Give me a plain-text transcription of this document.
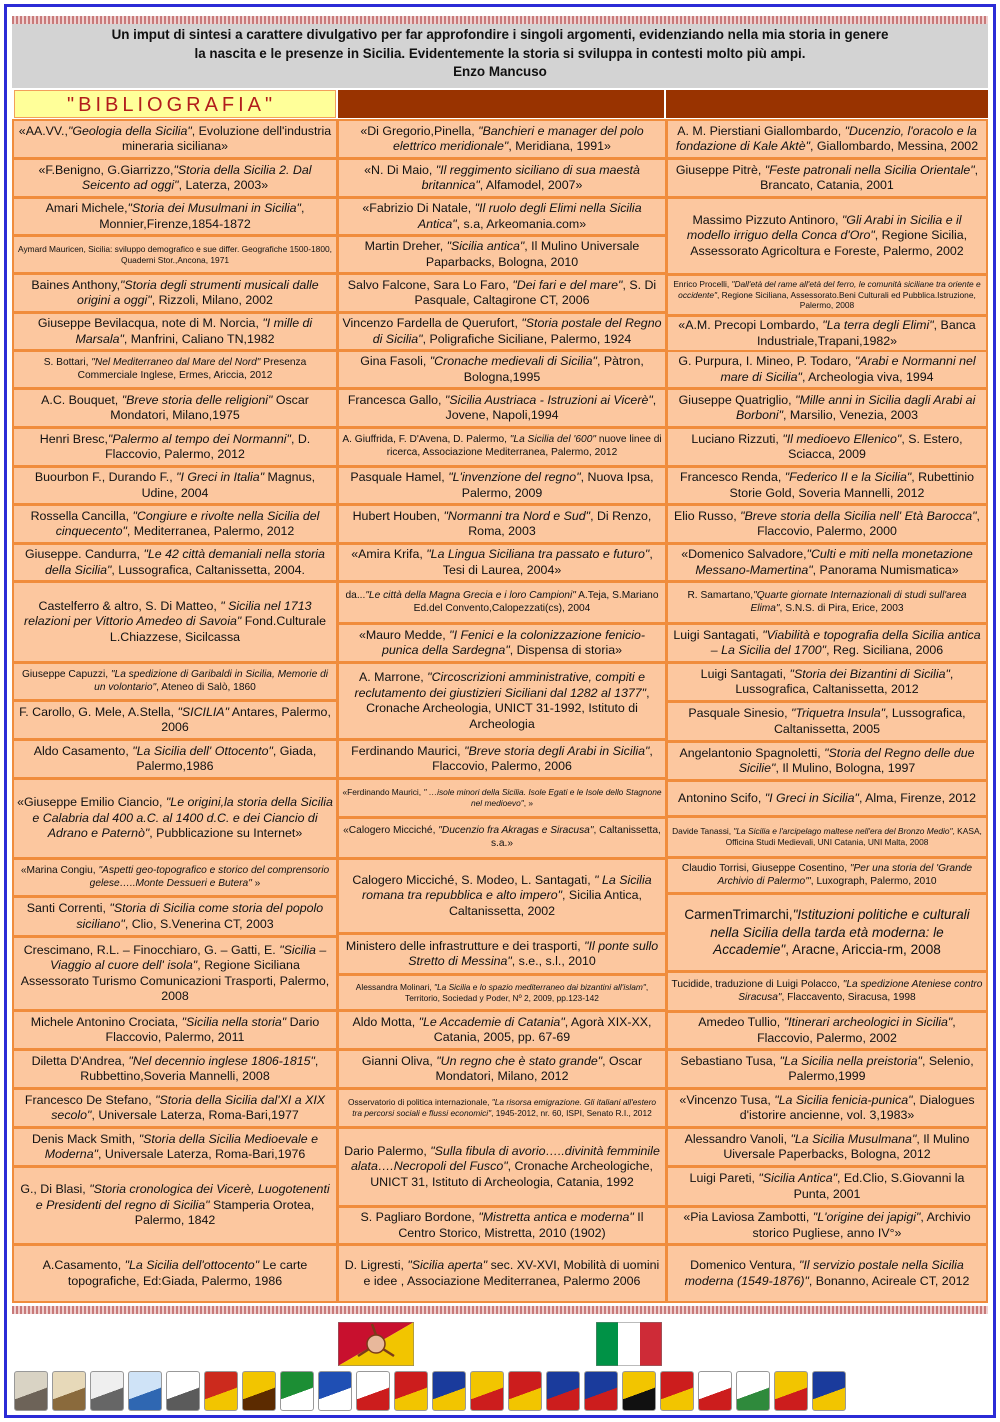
Un imput di sintesi a carattere divulgativo per far approfondire i singoli argomenti, evidenziando nella mia storia in genere
la nascita e le presenze in Sicilia. Evidentemente la storia si sviluppa in contesti molto più ampi.
Enzo Mancuso
"BIBLIOGRAFIA"
«AA.VV.,"Geologia della Sicilia", Evoluzione dell'industria mineraria siciliana»
«F.Benigno, G.Giarrizzo,"Storia della Sicilia 2. Dal Seicento ad oggi", Laterza, 2003»
Amari Michele,"Storia dei Musulmani in Sicilia", Monnier,Firenze,1854-1872
Aymard Mauricen, Sicilia: sviluppo demografico e sue differ. Geografiche 1500-1800, Quaderni Stor.,Ancona, 1971
Baines Anthony,"Storia degli strumenti musicali dalle origini a oggi", Rizzoli, Milano, 2002
Giuseppe Bevilacqua, note di M. Norcia, "I mille di Marsala", Manfrini, Caliano TN,1982
S. Bottari, "Nel Mediterraneo dal Mare del Nord" Presenza Commerciale Inglese, Ermes, Ariccia, 2012
A.C. Bouquet, "Breve storia delle religioni" Oscar Mondatori, Milano,1975
Henri Bresc,"Palermo al tempo dei Normanni", D. Flaccovio, Palermo, 2012
Buourbon F., Durando F., "I Greci in Italia" Magnus, Udine, 2004
Rossella Cancilla, "Congiure e rivolte nella Sicilia del cinquecento", Mediterranea, Palermo, 2012
Giuseppe. Candurra, "Le 42 città demaniali nella storia della Sicilia", Lussografica, Caltanissetta, 2004.
Castelferro & altro, S. Di Matteo, " Sicilia nel 1713 relazioni per Vittorio Amedeo di Savoia" Fond.Culturale L.Chiazzese, Sicilcassa
Giuseppe Capuzzi, "La spedizione di Garibaldi in Sicilia, Memorie di un volontario", Ateneo di Salò, 1860
F. Carollo, G. Mele, A.Stella, "SICILIA" Antares, Palermo, 2006
Aldo Casamento, "La Sicilia dell' Ottocento", Giada, Palermo,1986
«Giuseppe Emilio Ciancio, "Le origini,la storia della Sicilia e Calabria dal 400 a.C. al 1400 d.C. e dei Ciancio di Adrano e Paternò", Pubblicazione su Internet»
«Marina Congiu, "Aspetti geo-topografico e storico del comprensorio gelese…..Monte Dessueri e Butera" »
Santi Correnti, "Storia di Sicilia come storia del popolo siciliano", Clio, S.Venerina CT, 2003
Crescimano, R.L. – Finocchiaro, G. – Gatti, E. "Sicilia – Viaggio al cuore dell' isola", Regione Siciliana Assessorato Turismo Comunicazioni Trasporti, Palermo, 2008
Michele Antonino Crociata, "Sicilia nella storia" Dario Flaccovio, Palermo, 2011
Diletta D'Andrea, "Nel decennio inglese 1806-1815", Rubbettino,Soveria Mannelli, 2008
Francesco De Stefano, "Storia della Sicilia dal'XI a XIX secolo", Universale Laterza, Roma-Bari,1977
Denis Mack Smith, "Storia della Sicilia Medioevale e Moderna", Universale Laterza, Roma-Bari,1976
G., Di Blasi, "Storia cronologica dei Vicerè, Luogotenenti e Presidenti del regno di Sicilia" Stamperia Orotea, Palermo, 1842
A.Casamento, "La Sicilia dell'ottocento" Le carte topografiche, Ed:Giada, Palermo, 1986
«Di Gregorio,Pinella, "Banchieri e manager del polo elettrico meridionale", Meridiana, 1991»
«N. Di Maio, "Il reggimento siciliano di sua maestà britannica", Alfamodel, 2007»
«Fabrizio Di Natale, "Il ruolo degli Elimi nella Sicilia Antica", s.a, Arkeomania.com»
Martin Dreher, "Sicilia antica", Il Mulino Universale Paparbacks, Bologna, 2010
Salvo Falcone, Sara Lo Faro, "Dei fari e del mare", S. Di Pasquale, Caltagirone CT, 2006
Vincenzo Fardella de Querufort, "Storia postale del Regno di Sicilia", Poligrafiche Siciliane, Palermo, 1924
Gina Fasoli, "Cronache medievali di Sicilia", Pàtron, Bologna,1995
Francesca Gallo, "Sicilia Austriaca - Istruzioni ai Vicerè", Jovene, Napoli,1994
A. Giuffrida, F. D'Avena, D. Palermo, "La Sicilia del '600" nuove linee di ricerca, Associazione Mediterranea, Palermo, 2012
Pasquale Hamel, "L'invenzione del regno", Nuova Ipsa, Palermo, 2009
Hubert Houben, "Normanni tra Nord e Sud", Di Renzo, Roma, 2003
«Amira Krifa, "La Lingua Siciliana tra passato e futuro", Tesi di Laurea, 2004»
da..."Le città della Magna Grecia e i loro Campioni" A.Teja, S.Mariano Ed.del Convento,Calopezzati(cs), 2004
«Mauro Medde, "I Fenici e la colonizzazione fenicio-punica della Sardegna", Dispensa di storia»
A. Marrone, "Circoscrizioni amministrative, compiti e reclutamento dei giustizieri Siciliani dal 1282 al 1377", Cronache Archeologia, UNICT 31-1992, Istituto di Archeologia
Ferdinando Maurici, "Breve storia degli Arabi in Sicilia", Flaccovio, Palermo, 2006
«Ferdinando Maurici, " …isole minori della Sicilia. Isole Egati e le Isole dello Stagnone nel medioevo", »
«Calogero Micciché, "Ducenzio fra Akragas e Siracusa", Caltanissetta, s.a.»
Calogero Micciché, S. Modeo, L. Santagati, " La Sicilia romana tra repubblica e alto impero", Sicilia Antica, Caltanissetta, 2002
Ministero delle infrastrutture e dei trasporti, "Il ponte sullo Stretto di Messina", s.e., s.l., 2010
Alessandra Molinari, "La Sicilia e lo spazio mediterraneo dai bizantini all'islam", Territorio, Sociedad y Poder, Nº 2, 2009, pp.123-142
Aldo Motta, "Le Accademie di Catania", Agorà XIX-XX, Catania, 2005, pp. 67-69
Gianni Oliva, "Un regno che è stato grande", Oscar Mondatori, Milano, 2012
Osservatorio di politica internazionale, "La risorsa emigrazione. Gli italiani all'estero tra percorsi sociali e flussi economici", 1945-2012, nr. 60, ISPI, Senato R.I., 2012
Dario Palermo, "Sulla fibula di avorio…..divinità femminile alata….Necropoli del Fusco", Cronache Archeologiche, UNICT 31, Istituto di Archeologia, Catania, 1992
S. Pagliaro Bordone, "Mistretta antica e moderna" Il Centro Storico, Mistretta, 2010 (1902)
D. Ligresti, "Sicilia aperta" sec. XV-XVI, Mobilità di uomini e idee , Associazione Mediterranea, Palermo 2006
A. M. Pierstiani Giallombardo, "Ducenzio, l'oracolo e la fondazione di Kale Aktè", Giallombardo, Messina, 2002
Giuseppe Pitrè, "Feste patronali nella Sicilia Orientale", Brancato, Catania, 2001
Massimo Pizzuto Antinoro, "Gli Arabi in Sicilia e il modello irriguo della Conca d'Oro", Regione Sicilia, Assessorato Agricoltura e Foreste, Palermo, 2002
Enrico Procelli, "Dall'età del rame all'età del ferro, le comunità siciliane tra oriente e occidente", Regione Siciliana, Assessorato.Beni Culturali ed Pubblica.Istruzione, Palermo, 2008
«A.M. Precopi Lombardo, "La terra degli Elimi", Banca Industriale,Trapani,1982»
G. Purpura, I. Mineo, P. Todaro, "Arabi e Normanni nel mare di Sicilia", Archeologia viva, 1994
Giuseppe Quatriglio, "Mille anni in Sicilia dagli Arabi ai Borboni", Marsilio, Venezia, 2003
Luciano Rizzuti, "Il medioevo Ellenico", S. Estero, Sciacca, 2009
Francesco Renda, "Federico II e la Sicilia", Rubettinio Storie Gold, Soveria Mannelli, 2012
Elio Russo, "Breve storia della Sicilia nell' Età Barocca", Flaccovio, Palermo, 2000
«Domenico Salvadore,"Culti e miti nella monetazione Messano-Mamertina", Panorama Numismatica»
R. Samartano,"Quarte giornate Internazionali di studi sull'area Elima", S.N.S. di Pira, Erice, 2003
Luigi Santagati, "Viabilità e topografia della Sicilia antica – La Sicilia del 1700", Reg. Siciliana, 2006
Luigi Santagati, "Storia dei Bizantini di Sicilia", Lussografica, Caltanissetta, 2012
Pasquale Sinesio, "Triquetra Insula", Lussografica, Caltanissetta, 2005
Angelantonio Spagnoletti, "Storia del Regno delle due Sicilie", Il Mulino, Bologna, 1997
Antonino Scifo, "I Greci in Sicilia", Alma, Firenze, 2012
Davide Tanassi, "La Sicilia e l'arcipelago maltese nell'era del Bronzo Medio", KASA, Officina Studi Medievali, UNI Catania, UNI Malta, 2008
Claudio Torrisi, Giuseppe Cosentino, "Per una storia del 'Grande Archivio di Palermo'", Luxograph, Palermo, 2010
CarmenTrimarchi,"Istituzioni politiche e culturali nella Sicilia della tarda età moderna: le Accademie", Aracne, Ariccia-rm, 2008
Tucidide, traduzione di Luigi Polacco, "La spedizione Ateniese contro Siracusa", Flaccavento, Siracusa, 1998
Amedeo Tullio, "Itinerari archeologici in Sicilia", Flaccovio, Palermo, 2002
Sebastiano Tusa, "La Sicilia nella preistoria", Selenio, Palermo,1999
«Vincenzo Tusa, "La Sicilia fenicia-punica", Dialogues d'istorire ancienne, vol. 3,1983»
Alessandro Vanoli, "La Sicilia Musulmana", Il Mulino Uiversale Paperbacks, Bologna, 2012
Luigi Pareti, "Sicilia Antica", Ed.Clio, S.Giovanni la Punta, 2001
«Pia Laviosa Zambotti, "L'origine dei japigi", Archivio storico Pugliese, anno IV°»
Domenico Ventura, "Il servizio postale nella Sicilia moderna (1549-1876)", Bonanno, Acireale CT, 2012
